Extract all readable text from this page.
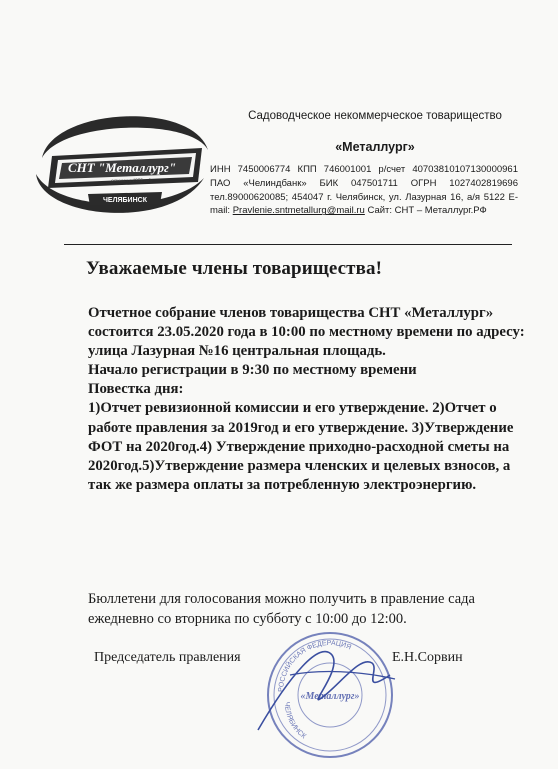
СНТ "Металлург"
основан в 1955 году
ЧЕЛЯБИНСК
Садоводческое некоммерческое товарищество
«Металлург»
ИНН 7450006774 КПП 746001001 р/счет 40703810107130000961 ПАО «Челиндбанк» БИК 047501711 ОГРН 1027402819696 тел.89000620085; 454047 г. Челябинск, ул. Лазурная 16, а/я 5122 E-mail: Pravlenie.sntmetallurg@mail.ru Сайт: СНТ – Металлург.РФ
Уважаемые члены товарищества!

Отчетное собрание членов товарищества СНТ «Металлург» состоится 23.05.2020 года в 10:00 по местному времени по адресу: улица Лазурная №16 центральная площадь.

Начало регистрации в 9:30 по местному времени

Повестка дня:

1)Отчет ревизионной комиссии и его утверждение. 2)Отчет о работе правления за 2019год и его утверждение. 3)Утверждение ФОТ на 2020год.4) Утверждение приходно-расходной сметы на 2020год.5)Утверждение размера членских и целевых взносов, а так же размера оплаты за потребленную электроэнергию.

Бюллетени для голосования можно получить в правление сада ежедневно со вторника по субботу с 10:00 до 12:00.
РОССИЙСКАЯ ФЕДЕРАЦИЯ
«Металлург»
ЧЕЛЯБИНСК
Председатель правления	Е.Н.Сорвин
